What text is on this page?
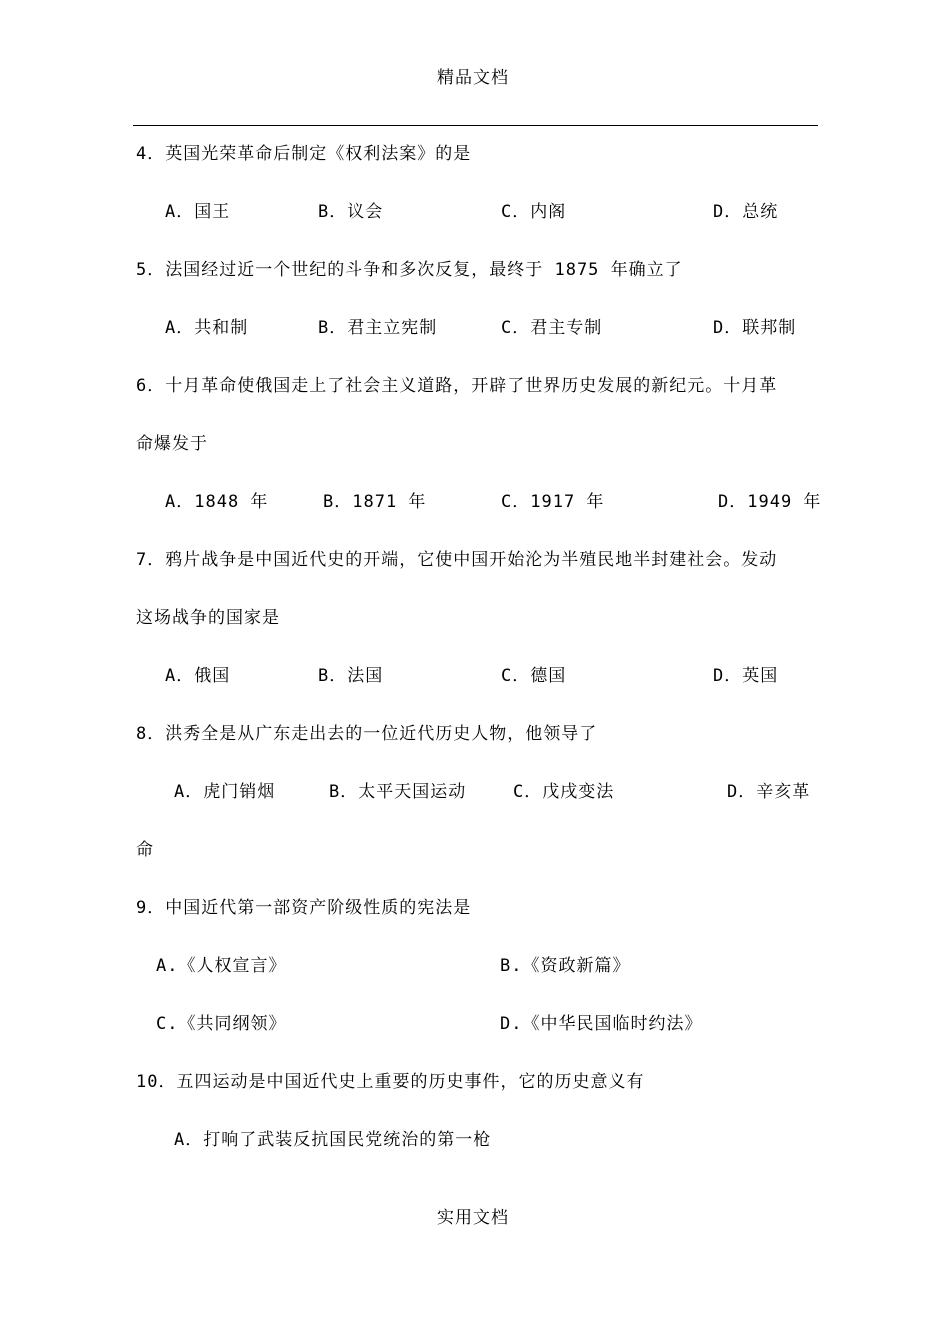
精品文档
4．英国光荣革命后制定《权利法案》的是
A．国王	B．议会	C．内阁	D．总统
5．法国经过近一个世纪的斗争和多次反复，最终于 1875 年确立了
A．共和制	B．君主立宪制	C．君主专制	D．联邦制
6．十月革命使俄国走上了社会主义道路，开辟了世界历史发展的新纪元。十月革
命爆发于
A．1848 年	B．1871 年	C．1917 年	D．1949 年
7．鸦片战争是中国近代史的开端，它使中国开始沦为半殖民地半封建社会。发动
这场战争的国家是
A．俄国	B．法国	C．德国	D．英国
8．洪秀全是从广东走出去的一位近代历史人物，他领导了
A．虎门销烟	B．太平天国运动	C．戊戌变法	D．辛亥革
命
9．中国近代第一部资产阶级性质的宪法是
A.《人权宣言》	B.《资政新篇》
C.《共同纲领》	D.《中华民国临时约法》
10．五四运动是中国近代史上重要的历史事件，它的历史意义有
A．打响了武装反抗国民党统治的第一枪
实用文档
